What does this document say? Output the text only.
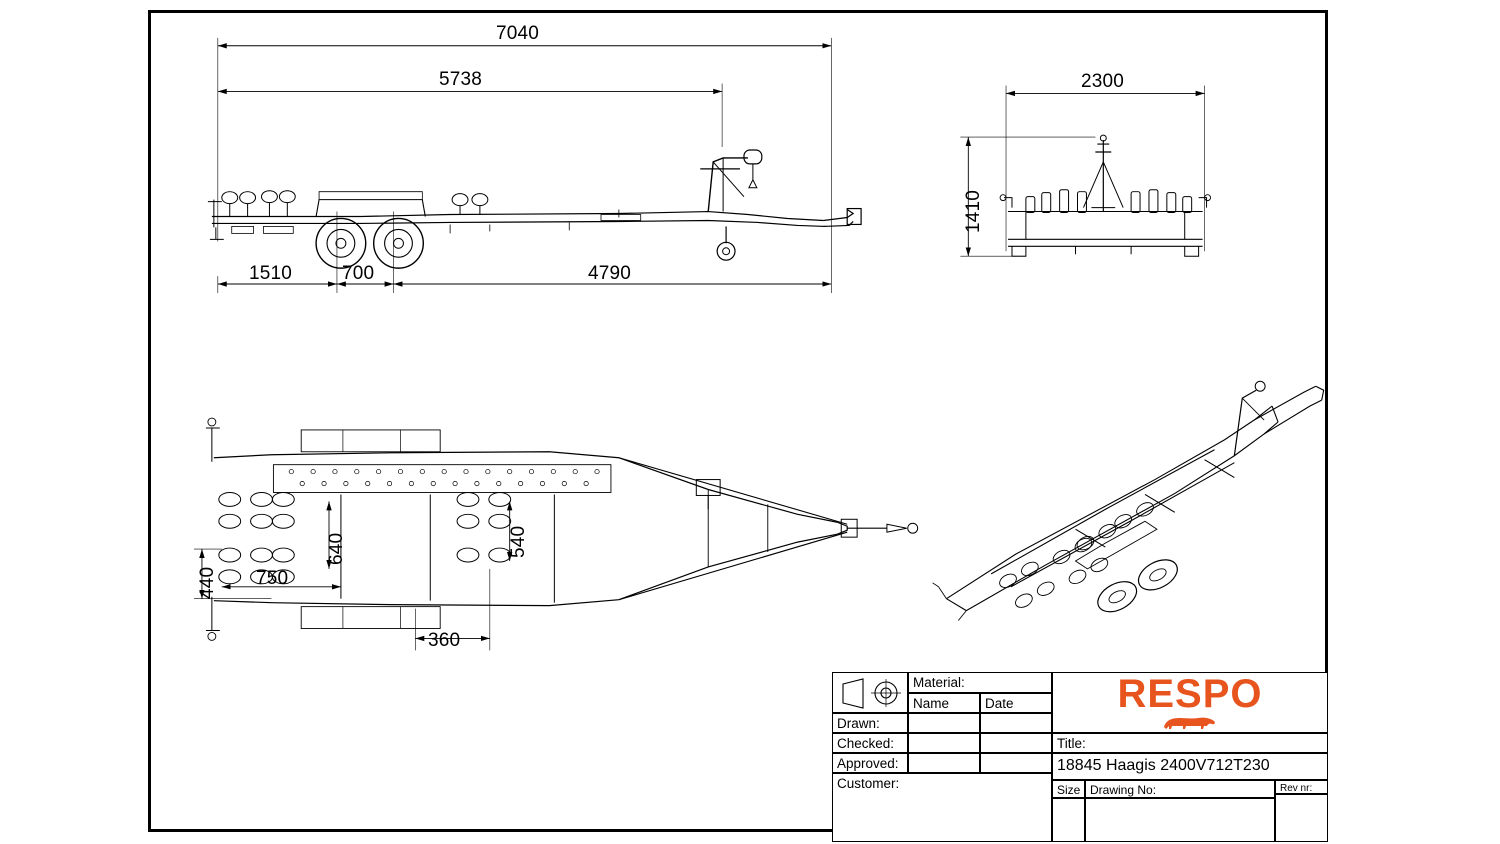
7040
5738
1510	700	4790
2300
1410
640	540
440 750
360
Material:
Name	Date
Drawn:
Checked:
Approved:
Customer:
RESPO
Title:
18845 Haagis 2400V712T230
Size Drawing No:	Rev nr:
